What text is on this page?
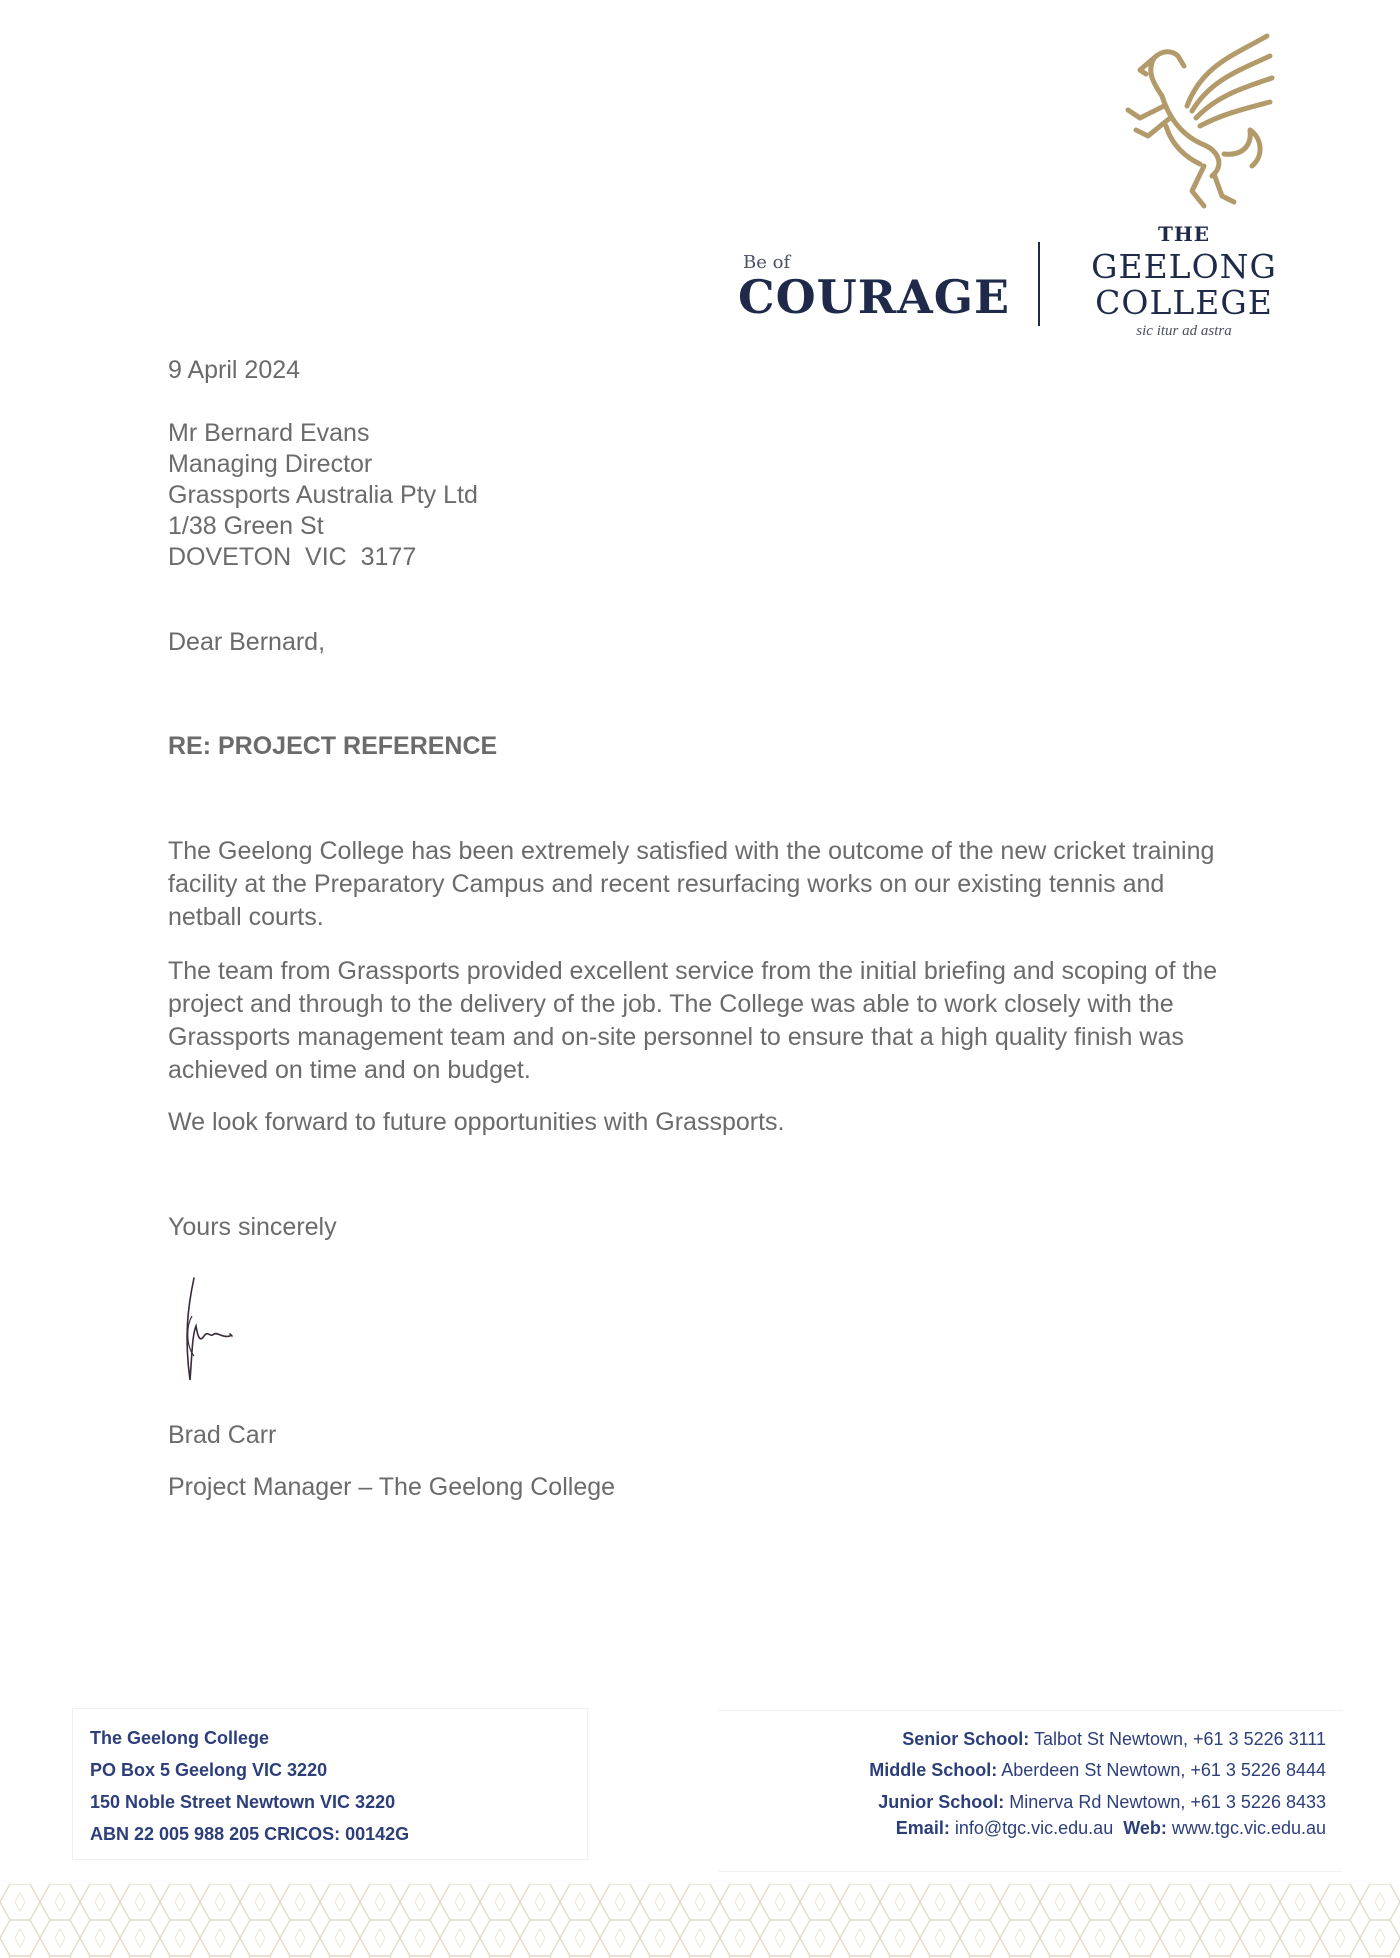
Be of
COURAGE
THE
GEELONG
COLLEGE
sic itur ad astra
9 April 2024
Mr Bernard Evans
Managing Director
Grassports Australia Pty Ltd
1/38 Green St
DOVETON  VIC  3177
Dear Bernard,
RE: PROJECT REFERENCE
The Geelong College has been extremely satisfied with the outcome of the new cricket training facility at the Preparatory Campus and recent resurfacing works on our existing tennis and netball courts.
The team from Grassports provided excellent service from the initial briefing and scoping of the project and through to the delivery of the job. The College was able to work closely with the Grassports management team and on-site personnel to ensure that a high quality finish was achieved on time and on budget.
We look forward to future opportunities with Grassports.
Yours sincerely
Brad Carr
Project Manager – The Geelong College
The Geelong College
PO Box 5 Geelong VIC 3220
150 Noble Street Newtown VIC 3220
ABN 22 005 988 205 CRICOS: 00142G
Senior School: Talbot St Newtown, +61 3 5226 3111
Middle School: Aberdeen St Newtown, +61 3 5226 8444
Junior School: Minerva Rd Newtown, +61 3 5226 8433
Email: info@tgc.vic.edu.au Web: www.tgc.vic.edu.au
